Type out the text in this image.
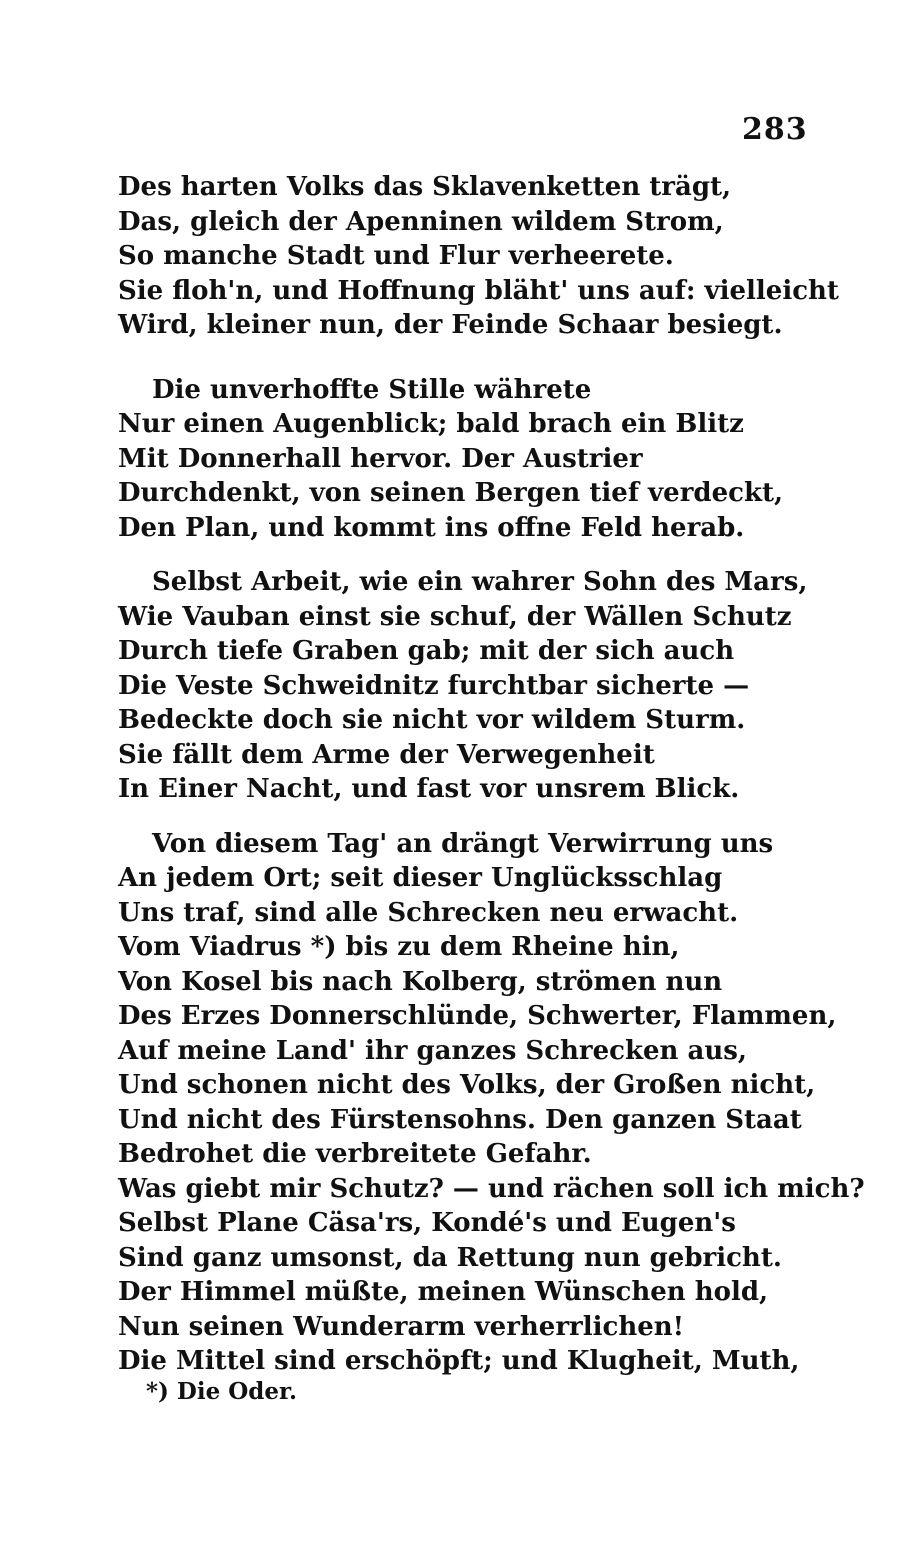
283
Des harten Volks das Sklavenketten trägt,
Das, gleich der Apenninen wildem Strom,
So manche Stadt und Flur verheerete.
Sie floh'n, und Hoffnung bläht' uns auf: vielleicht
Wird, kleiner nun, der Feinde Schaar besiegt.
Die unverhoffte Stille währete
Nur einen Augenblick; bald brach ein Blitz
Mit Donnerhall hervor. Der Austrier
Durchdenkt, von seinen Bergen tief verdeckt,
Den Plan, und kommt ins offne Feld herab.
Selbst Arbeit, wie ein wahrer Sohn des Mars,
Wie Vauban einst sie schuf, der Wällen Schutz
Durch tiefe Graben gab; mit der sich auch
Die Veste Schweidnitz furchtbar sicherte —
Bedeckte doch sie nicht vor wildem Sturm.
Sie fällt dem Arme der Verwegenheit
In Einer Nacht, und fast vor unsrem Blick.
Von diesem Tag' an drängt Verwirrung uns
An jedem Ort; seit dieser Unglücksschlag
Uns traf, sind alle Schrecken neu erwacht.
Vom Viadrus *) bis zu dem Rheine hin,
Von Kosel bis nach Kolberg, strömen nun
Des Erzes Donnerschlünde, Schwerter, Flammen,
Auf meine Land' ihr ganzes Schrecken aus,
Und schonen nicht des Volks, der Großen nicht,
Und nicht des Fürstensohns. Den ganzen Staat
Bedrohet die verbreitete Gefahr.
Was giebt mir Schutz? — und rächen soll ich mich?
Selbst Plane Cäsa'rs, Kondé's und Eugen's
Sind ganz umsonst, da Rettung nun gebricht.
Der Himmel müßte, meinen Wünschen hold,
Nun seinen Wunderarm verherrlichen!
Die Mittel sind erschöpft; und Klugheit, Muth,
*) Die Oder.
